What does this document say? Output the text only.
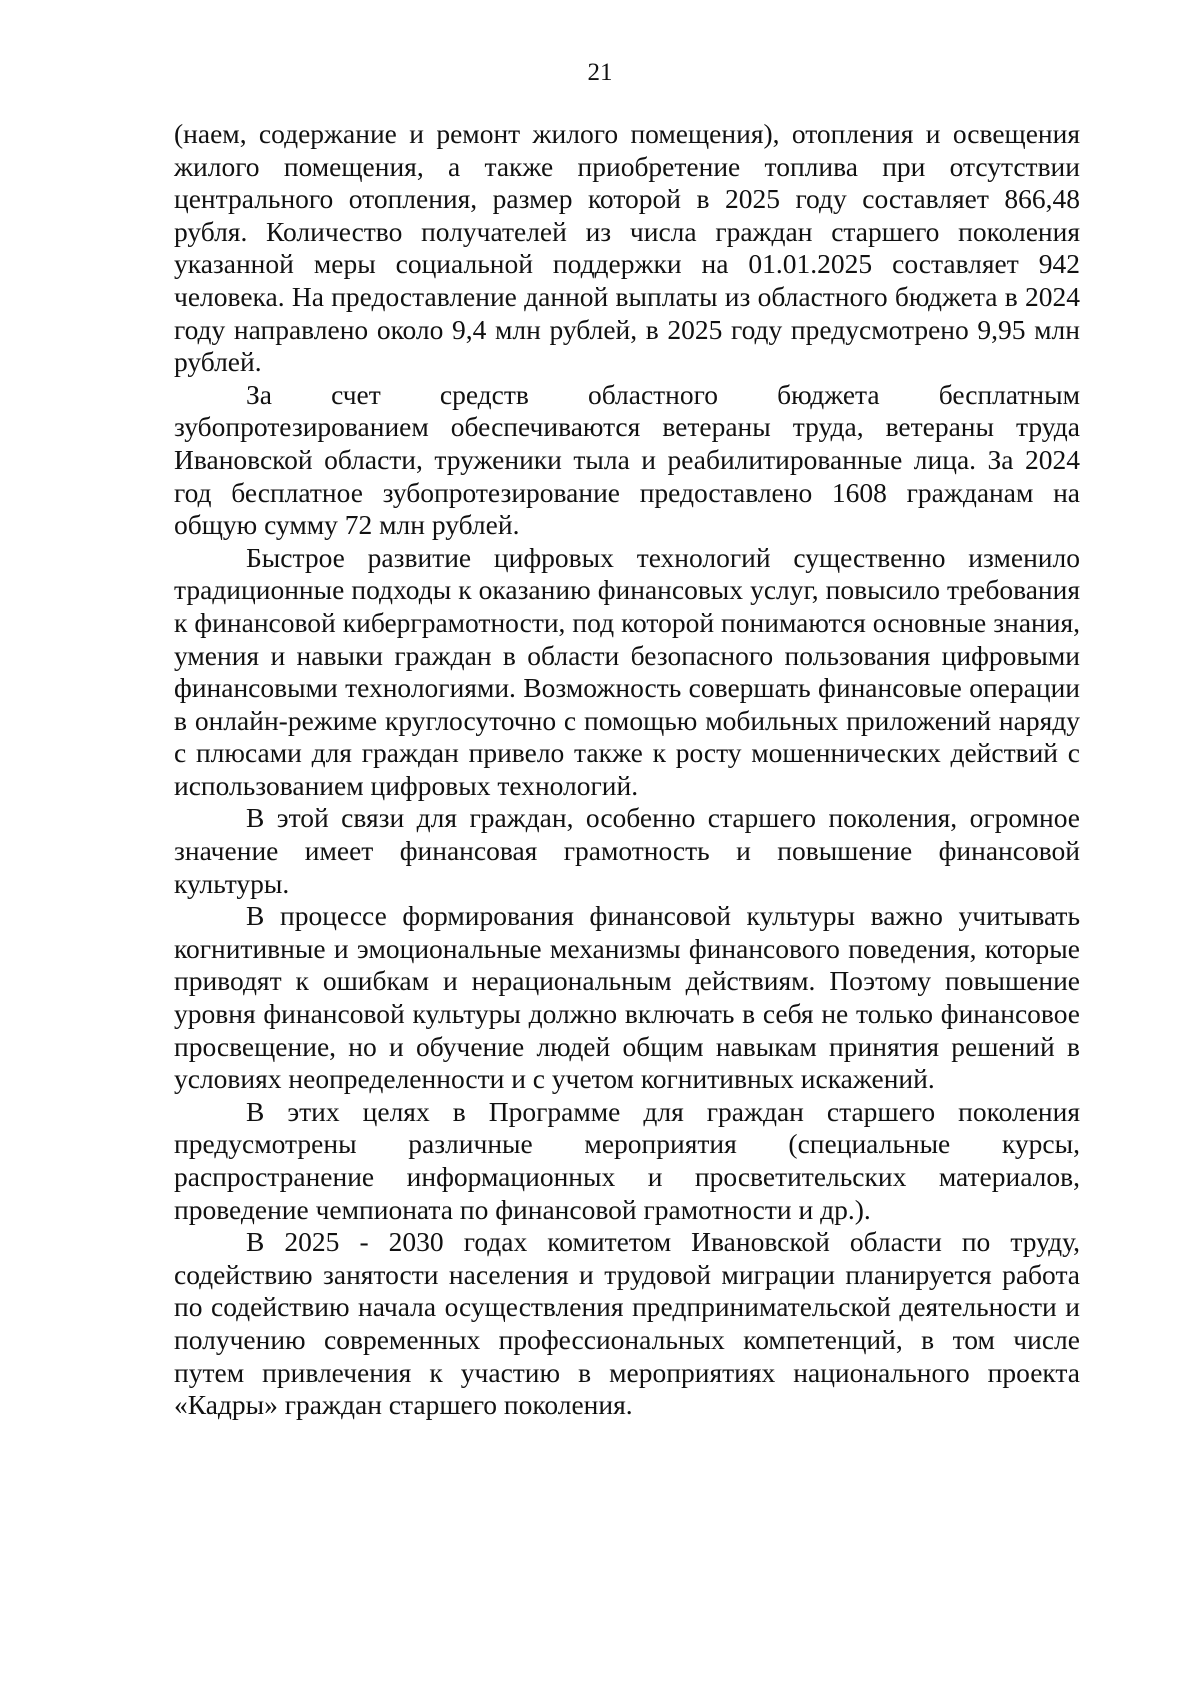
21

(наем, содержание и ремонт жилого помещения), отопления и освещения жилого помещения, а также приобретение топлива при отсутствии центрального отопления, размер которой в 2025 году составляет 866,48 рубля. Количество получателей из числа граждан старшего поколения указанной меры социальной поддержки на 01.01.2025 составляет 942 человека. На предоставление данной выплаты из областного бюджета в 2024 году направлено около 9,4 млн рублей, в 2025 году предусмотрено 9,95 млн рублей.

За счет средств областного бюджета бесплатным зубопротезированием обеспечиваются ветераны труда, ветераны труда Ивановской области, труженики тыла и реабилитированные лица. За 2024 год бесплатное зубопротезирование предоставлено 1608 гражданам на общую сумму 72 млн рублей.

Быстрое развитие цифровых технологий существенно изменило традиционные подходы к оказанию финансовых услуг, повысило требования к финансовой киберграмотности, под которой понимаются основные знания, умения и навыки граждан в области безопасного пользования цифровыми финансовыми технологиями. Возможность совершать финансовые операции в онлайн-режиме круглосуточно с помощью мобильных приложений наряду с плюсами для граждан привело также к росту мошеннических действий с использованием цифровых технологий.

В этой связи для граждан, особенно старшего поколения, огромное значение имеет финансовая грамотность и повышение финансовой культуры.

В процессе формирования финансовой культуры важно учитывать когнитивные и эмоциональные механизмы финансового поведения, которые приводят к ошибкам и нерациональным действиям. Поэтому повышение уровня финансовой культуры должно включать в себя не только финансовое просвещение, но и обучение людей общим навыкам принятия решений в условиях неопределенности и с учетом когнитивных искажений.

В этих целях в Программе для граждан старшего поколения предусмотрены различные мероприятия (специальные курсы, распространение информационных и просветительских материалов, проведение чемпионата по финансовой грамотности и др.).

В 2025 - 2030 годах комитетом Ивановской области по труду, содействию занятости населения и трудовой миграции планируется работа по содействию начала осуществления предпринимательской деятельности и получению современных профессиональных компетенций, в том числе путем привлечения к участию в мероприятиях национального проекта «Кадры» граждан старшего поколения.
